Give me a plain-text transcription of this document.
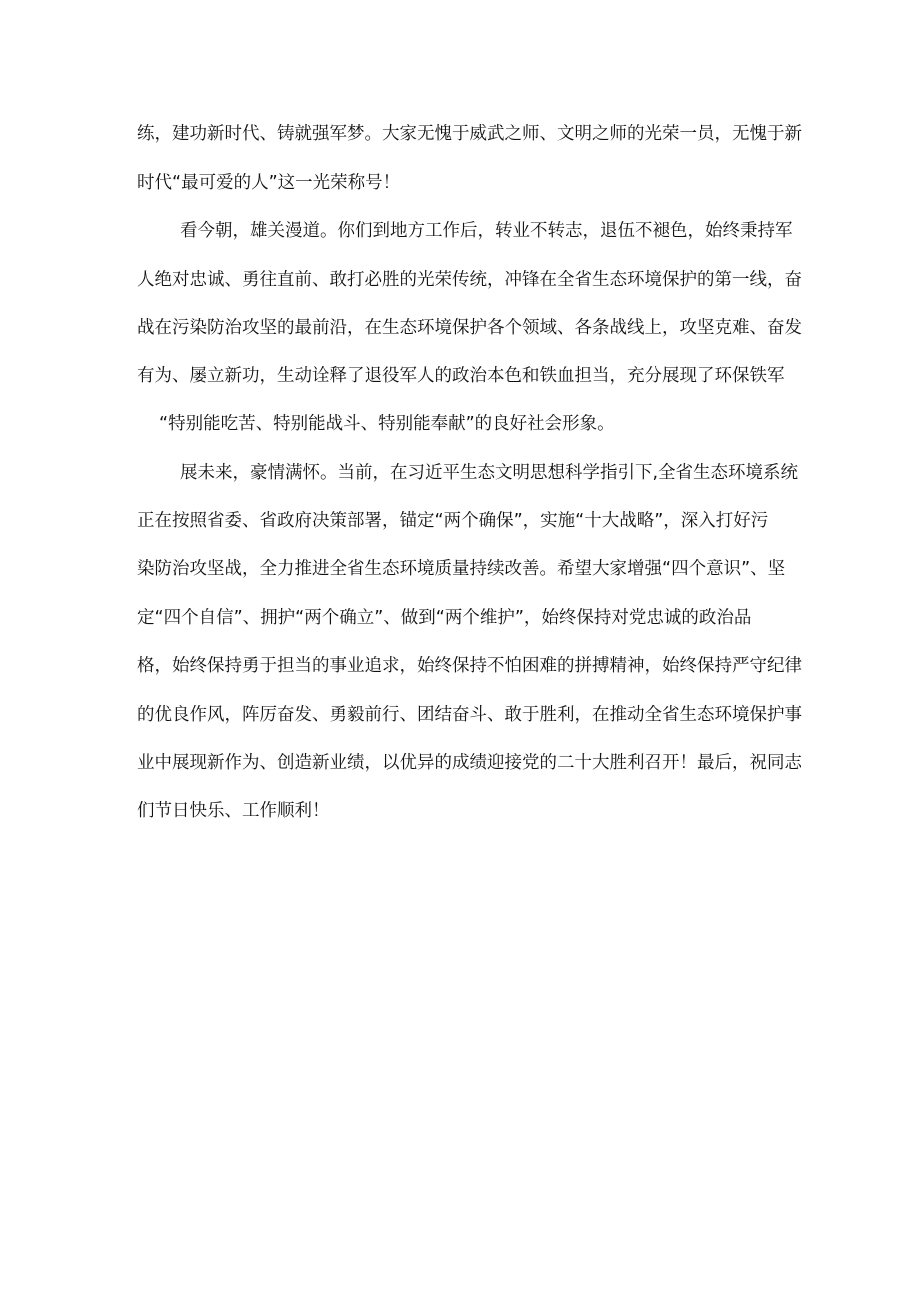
练，建功新时代、铸就强军梦。大家无愧于威武之师、文明之师的光荣一员，无愧于新
时代“最可爱的人”这一光荣称号！
看今朝，雄关漫道。你们到地方工作后，转业不转志，退伍不褪色，始终秉持军
人绝对忠诚、勇往直前、敢打必胜的光荣传统，冲锋在全省生态环境保护的第一线，奋
战在污染防治攻坚的最前沿，在生态环境保护各个领域、各条战线上，攻坚克难、奋发
有为、屡立新功，生动诠释了退役军人的政治本色和铁血担当，充分展现了环保铁军
“特别能吃苦、特别能战斗、特别能奉献”的良好社会形象。
展未来，豪情满怀。当前，在习近平生态文明思想科学指引下,全省生态环境系统
正在按照省委、省政府决策部署，锚定“两个确保”，实施“十大战略”，深入打好污
染防治攻坚战，全力推进全省生态环境质量持续改善。希望大家增强“四个意识”、坚
定“四个自信”、拥护“两个确立”、做到“两个维护”，始终保持对党忠诚的政治品
格，始终保持勇于担当的事业追求，始终保持不怕困难的拼搏精神，始终保持严守纪律
的优良作风，阵厉奋发、勇毅前行、团结奋斗、敢于胜利，在推动全省生态环境保护事
业中展现新作为、创造新业绩，以优异的成绩迎接党的二十大胜利召开！最后，祝同志
们节日快乐、工作顺利！
